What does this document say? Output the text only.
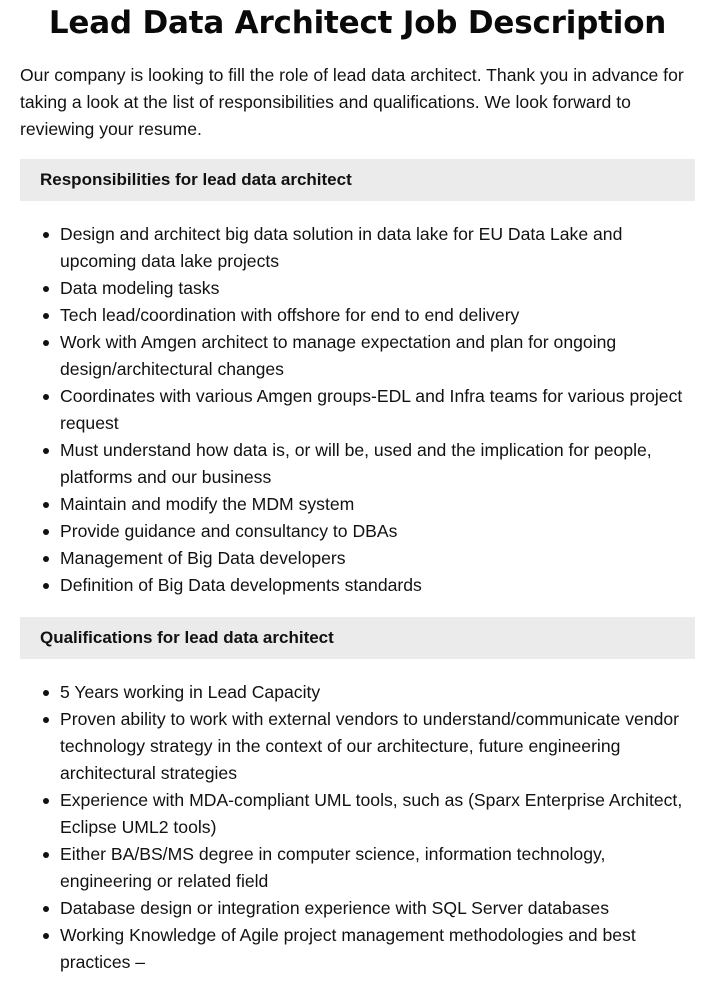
Lead Data Architect Job Description

Our company is looking to fill the role of lead data architect. Thank you in advance for taking a look at the list of responsibilities and qualifications. We look forward to reviewing your resume.

Responsibilities for lead data architect
Design and architect big data solution in data lake for EU Data Lake and upcoming data lake projects
Data modeling tasks
Tech lead/coordination with offshore for end to end delivery
Work with Amgen architect to manage expectation and plan for ongoing design/architectural changes
Coordinates with various Amgen groups-EDL and Infra teams for various project request
Must understand how data is, or will be, used and the implication for people, platforms and our business
Maintain and modify the MDM system
Provide guidance and consultancy to DBAs
Management of Big Data developers
Definition of Big Data developments standards
Qualifications for lead data architect
5 Years working in Lead Capacity
Proven ability to work with external vendors to understand/communicate vendor technology strategy in the context of our architecture, future engineering architectural strategies
Experience with MDA-compliant UML tools, such as (Sparx Enterprise Architect, Eclipse UML2 tools)
Either BA/BS/MS degree in computer science, information technology, engineering or related field
Database design or integration experience with SQL Server databases
Working Knowledge of Agile project management methodologies and best practices –
